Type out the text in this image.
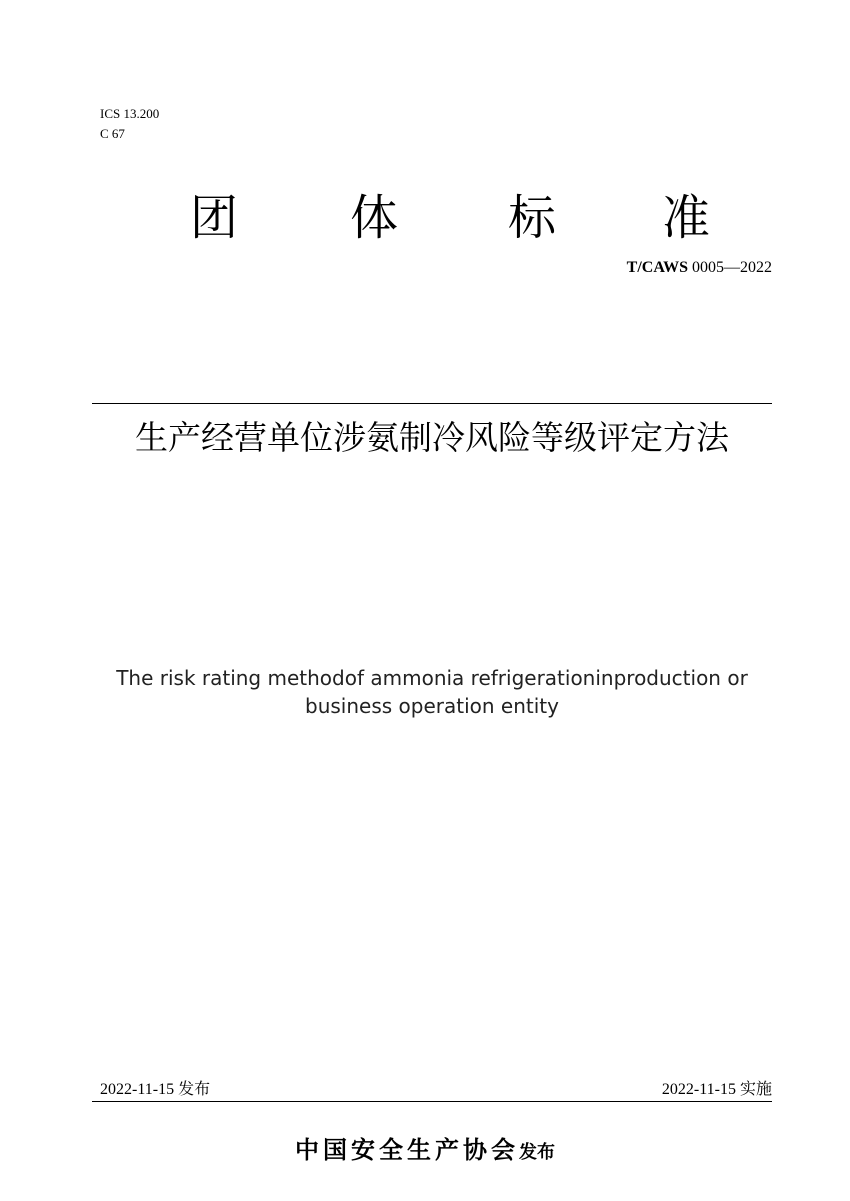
ICS 13.200
C 67
团 体 标 准
T/CAWS 0005—2022
生产经营单位涉氨制冷风险等级评定方法
The risk rating methodof ammonia refrigerationinproduction or business operation entity
2022-11-15 发布	2022-11-15 实施
中国安全生产协会发布
